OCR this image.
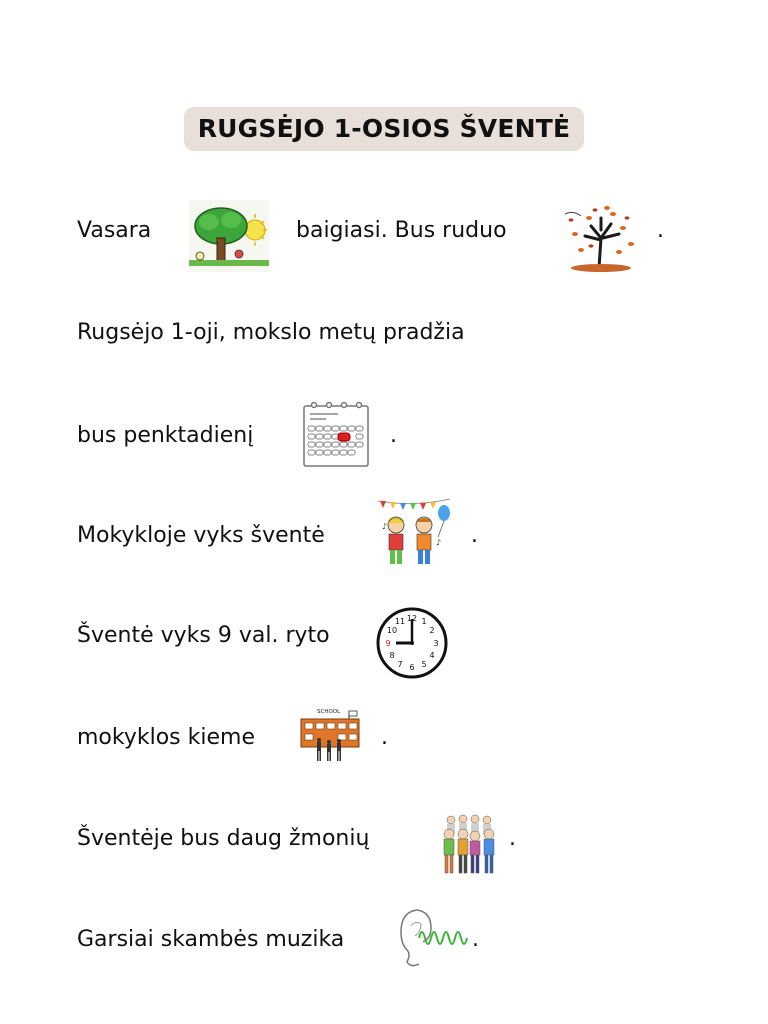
RUGSĖJO 1-OSIOS ŠVENTĖ
Vasara	baigiasi. Bus ruduo	.
Rugsėjo 1-oji, mokslo metų pradžia
bus penktadienį	.
Mokykloje vyks šventė	♪
♪ .
Šventė vyks 9 val. ryto
12 1
2
3
4
5
6
7
8
9
10
11
mokyklos kieme
SCHOOL
.
Šventėje bus daug žmonių	.
Garsiai skambės muzika	.
